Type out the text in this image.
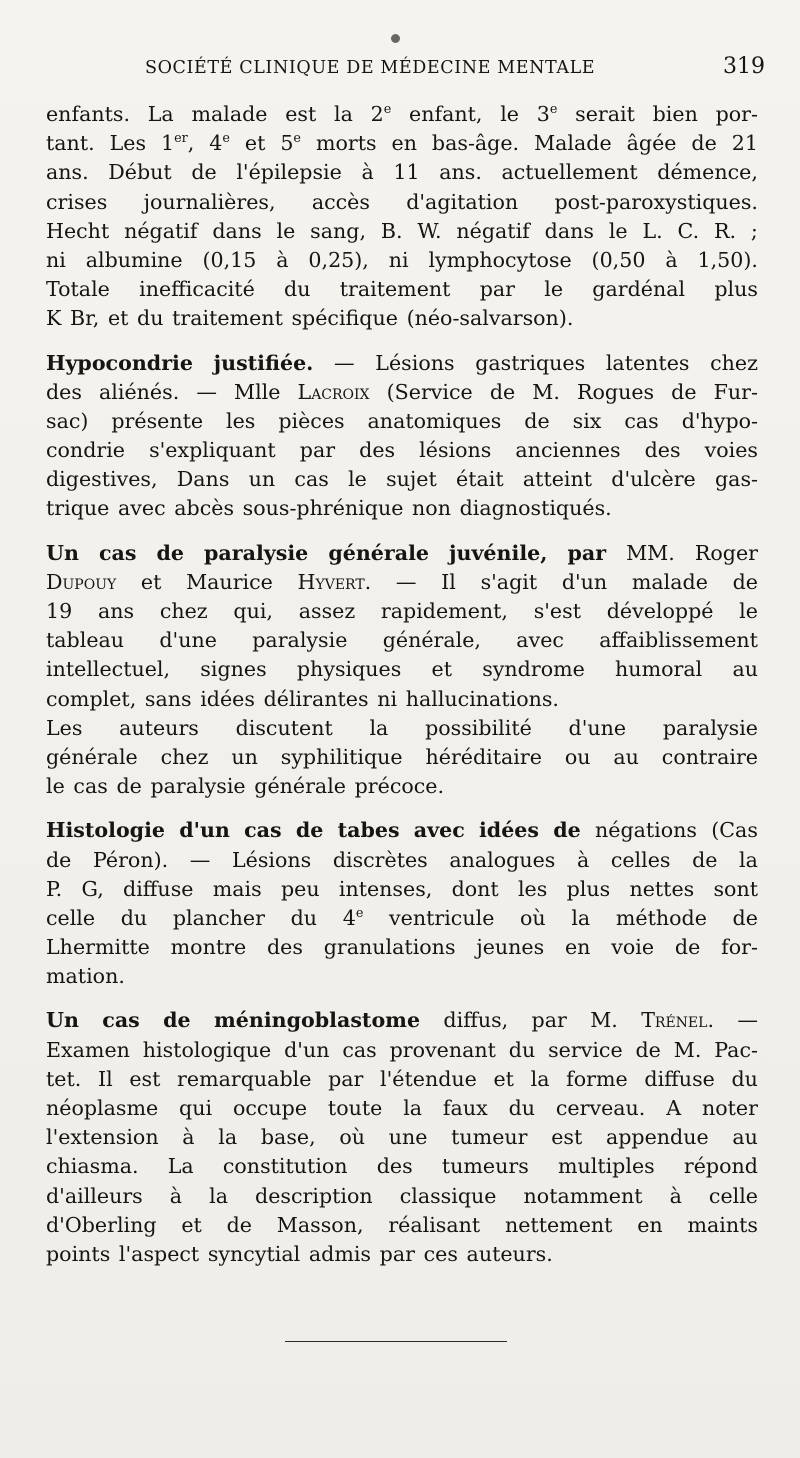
SOCIÉTÉ CLINIQUE DE MÉDECINE MENTALE	319
enfants. La malade est la 2e enfant, le 3e serait bien por-
tant. Les 1er, 4e et 5e morts en bas-âge. Malade âgée de 21
ans. Début de l'épilepsie à 11 ans. actuellement démence,
crises journalières, accès d'agitation post-paroxystiques.
Hecht négatif dans le sang, B. W. négatif dans le L. C. R. ;
ni albumine (0,15 à 0,25), ni lymphocytose (0,50 à 1,50).
Totale inefficacité du traitement par le gardénal plus
K Br, et du traitement spécifique (néo-salvarson).
Hypocondrie justifiée. — Lésions gastriques latentes chez
des aliénés. — Mlle Lacroix (Service de M. Rogues de Fur-
sac) présente les pièces anatomiques de six cas d'hypo-
condrie s'expliquant par des lésions anciennes des voies
digestives, Dans un cas le sujet était atteint d'ulcère gas-
trique avec abcès sous-phrénique non diagnostiqués.
Un cas de paralysie générale juvénile, par MM. Roger
Dupouy et Maurice Hyvert. — Il s'agit d'un malade de
19 ans chez qui, assez rapidement, s'est développé le
tableau d'une paralysie générale, avec affaiblissement
intellectuel, signes physiques et syndrome humoral au
complet, sans idées délirantes ni hallucinations.
Les auteurs discutent la possibilité d'une paralysie
générale chez un syphilitique héréditaire ou au contraire
le cas de paralysie générale précoce.
Histologie d'un cas de tabes avec idées de négations (Cas
de Péron). — Lésions discrètes analogues à celles de la
P. G, diffuse mais peu intenses, dont les plus nettes sont
celle du plancher du 4e ventricule où la méthode de
Lhermitte montre des granulations jeunes en voie de for-
mation.
Un cas de méningoblastome diffus, par M. Trénel. —
Examen histologique d'un cas provenant du service de M. Pac-
tet. Il est remarquable par l'étendue et la forme diffuse du
néoplasme qui occupe toute la faux du cerveau. A noter
l'extension à la base, où une tumeur est appendue au
chiasma. La constitution des tumeurs multiples répond
d'ailleurs à la description classique notamment à celle
d'Oberling et de Masson, réalisant nettement en maints
points l'aspect syncytial admis par ces auteurs.
